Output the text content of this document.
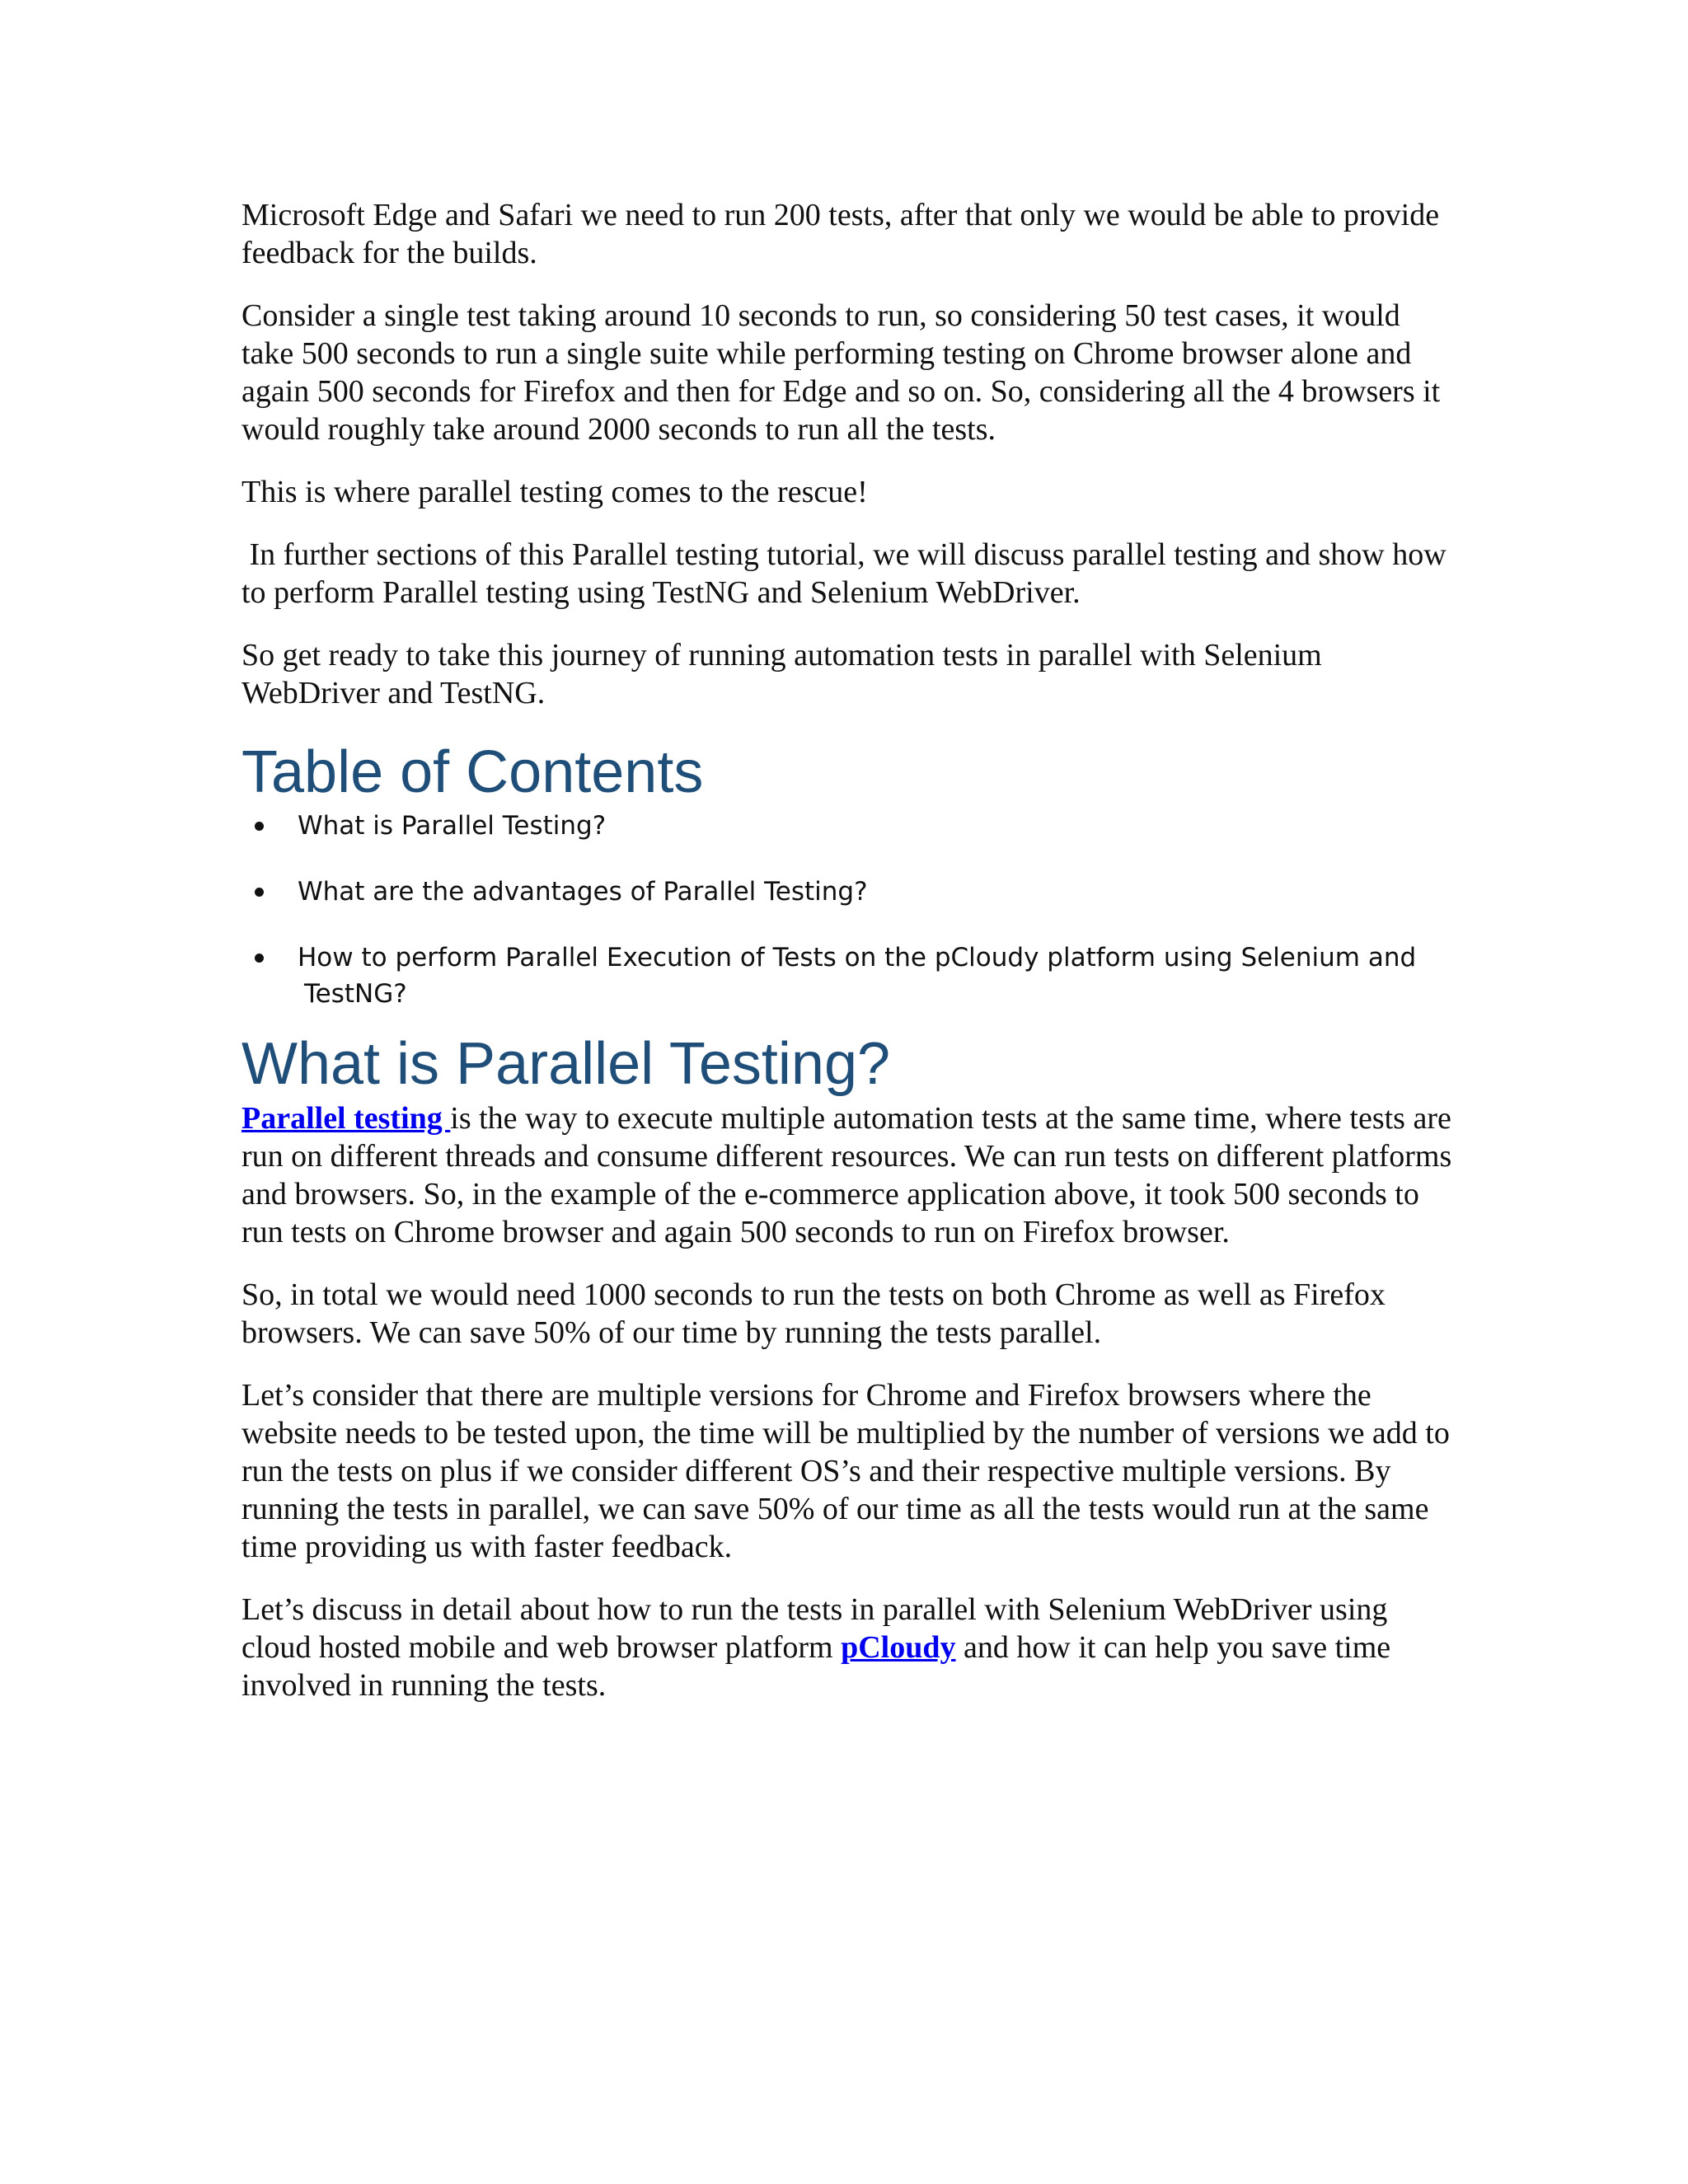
Microsoft Edge and Safari we need to run 200 tests, after that only we would be able to provide feedback for the builds.

Consider a single test taking around 10 seconds to run, so considering 50 test cases, it would take 500 seconds to run a single suite while performing testing on Chrome browser alone and again 500 seconds for Firefox and then for Edge and so on. So, considering all the 4 browsers it would roughly take around 2000 seconds to run all the tests.

This is where parallel testing comes to the rescue!

In further sections of this Parallel testing tutorial, we will discuss parallel testing and show how to perform Parallel testing using TestNG and Selenium WebDriver.

So get ready to take this journey of running automation tests in parallel with Selenium WebDriver and TestNG.

Table of Contents
What is Parallel Testing?
What are the advantages of Parallel Testing?
How to perform Parallel Execution of Tests on the pCloudy platform using Selenium and
TestNG?
What is Parallel Testing?

Parallel testing is the way to execute multiple automation tests at the same time, where tests are run on different threads and consume different resources. We can run tests on different platforms and browsers. So, in the example of the e-commerce application above, it took 500 seconds to run tests on Chrome browser and again 500 seconds to run on Firefox browser.

So, in total we would need 1000 seconds to run the tests on both Chrome as well as Firefox browsers. We can save 50% of our time by running the tests parallel.

Let’s consider that there are multiple versions for Chrome and Firefox browsers where the website needs to be tested upon, the time will be multiplied by the number of versions we add to run the tests on plus if we consider different OS’s and their respective multiple versions. By running the tests in parallel, we can save 50% of our time as all the tests would run at the same time providing us with faster feedback.

Let’s discuss in detail about how to run the tests in parallel with Selenium WebDriver using cloud hosted mobile and web browser platform pCloudy and how it can help you save time involved in running the tests.
